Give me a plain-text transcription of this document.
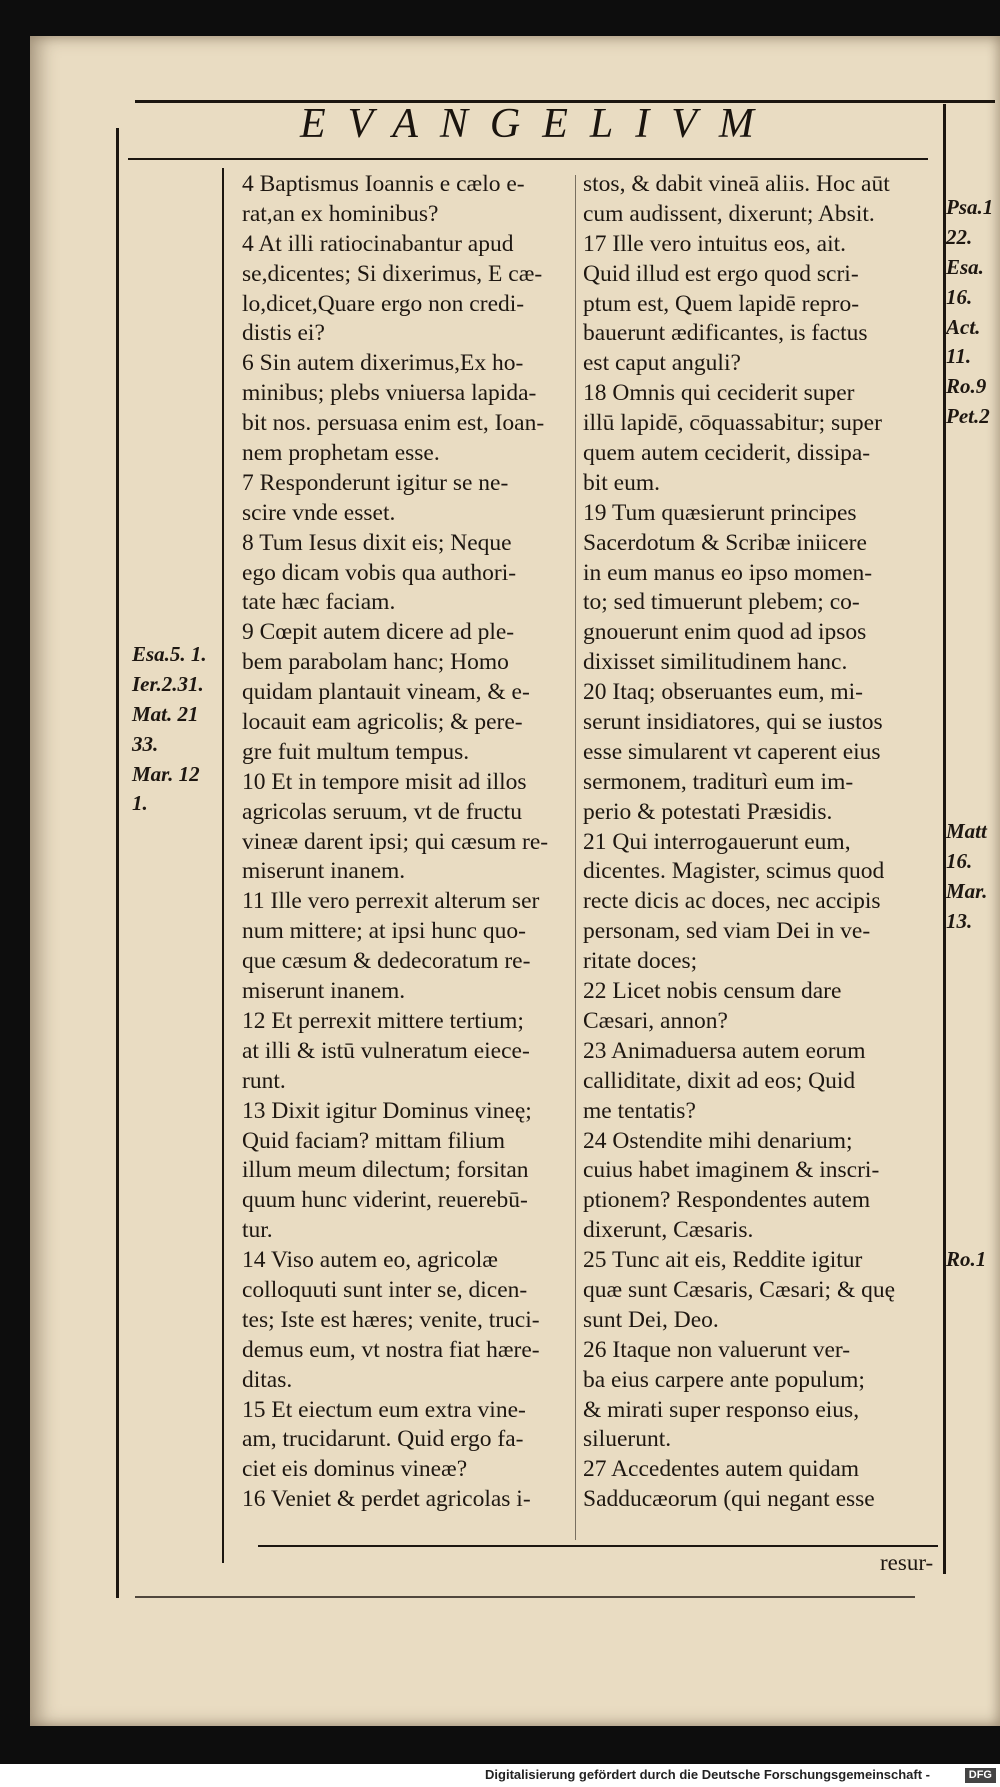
EVANGELIVM
Esa.5. 1.
Ier.2.31.
Mat. 21
33.
Mar. 12
1.
Psa.1
22.
Esa.
16.
Act.
11.
Ro.9
Pet.2
Matt
16.
Mar.
13.
Ro.1
4 Baptismus Ioannis e cælo e-
rat,an ex hominibus?
4 At illi ratiocinabantur apud
se,dicentes; Si dixerimus, E cæ-
lo,dicet,Quare ergo non credi-
distis ei?
6 Sin autem dixerimus,Ex ho-
minibus; plebs vniuersa lapida-
bit nos. persuasa enim est, Ioan-
nem prophetam esse.
7 Responderunt igitur se ne-
scire vnde esset.
8 Tum Iesus dixit eis; Neque
ego dicam vobis qua authori-
tate hæc faciam.
9 Cœpit autem dicere ad ple-
bem parabolam hanc; Homo
quidam plantauit vineam, & e-
locauit eam agricolis; & pere-
gre fuit multum tempus.
10 Et in tempore misit ad illos
agricolas seruum, vt de fructu
vineæ darent ipsi; qui cæsum re-
miserunt inanem.
11 Ille vero perrexit alterum ser
num mittere; at ipsi hunc quo-
que cæsum & dedecoratum re-
miserunt inanem.
12 Et perrexit mittere tertium;
at illi & istū vulneratum eiece-
runt.
13 Dixit igitur Dominus vineę;
Quid faciam? mittam filium
illum meum dilectum; forsitan
quum hunc viderint, reuerebū-
tur.
14 Viso autem eo, agricolæ
colloquuti sunt inter se, dicen-
tes; Iste est hæres; venite, truci-
demus eum, vt nostra fiat hære-
ditas.
15 Et eiectum eum extra vine-
am, trucidarunt. Quid ergo fa-
ciet eis dominus vineæ?
16 Veniet & perdet agricolas i-
stos, & dabit vineā aliis. Hoc aūt
cum audissent, dixerunt; Absit.
17 Ille vero intuitus eos, ait.
Quid illud est ergo quod scri-
ptum est, Quem lapidē repro-
bauerunt ædificantes, is factus
est caput anguli?
18 Omnis qui ceciderit super
illū lapidē, cōquassabitur; super
quem autem ceciderit, dissipa-
bit eum.
19 Tum quæsierunt principes
Sacerdotum & Scribæ iniicere
in eum manus eo ipso momen-
to; sed timuerunt plebem; co-
gnouerunt enim quod ad ipsos
dixisset similitudinem hanc.
20 Itaq; obseruantes eum, mi-
serunt insidiatores, qui se iustos
esse simularent vt caperent eius
sermonem, traditurì eum im-
perio & potestati Præsidis.
21 Qui interrogauerunt eum,
dicentes. Magister, scimus quod
recte dicis ac doces, nec accipis
personam, sed viam Dei in ve-
ritate doces;
22 Licet nobis censum dare
Cæsari, annon?
23 Animaduersa autem eorum
calliditate, dixit ad eos; Quid
me tentatis?
24 Ostendite mihi denarium;
cuius habet imaginem & inscri-
ptionem? Respondentes autem
dixerunt, Cæsaris.
25 Tunc ait eis, Reddite igitur
quæ sunt Cæsaris, Cæsari; & quę
sunt Dei, Deo.
26 Itaque non valuerunt ver-
ba eius carpere ante populum;
& mirati super responso eius,
siluerunt.
27 Accedentes autem quidam
Sadducæorum (qui negant esse
resur-
Digitalisierung gefördert durch die Deutsche Forschungsgemeinschaft -	DFG
